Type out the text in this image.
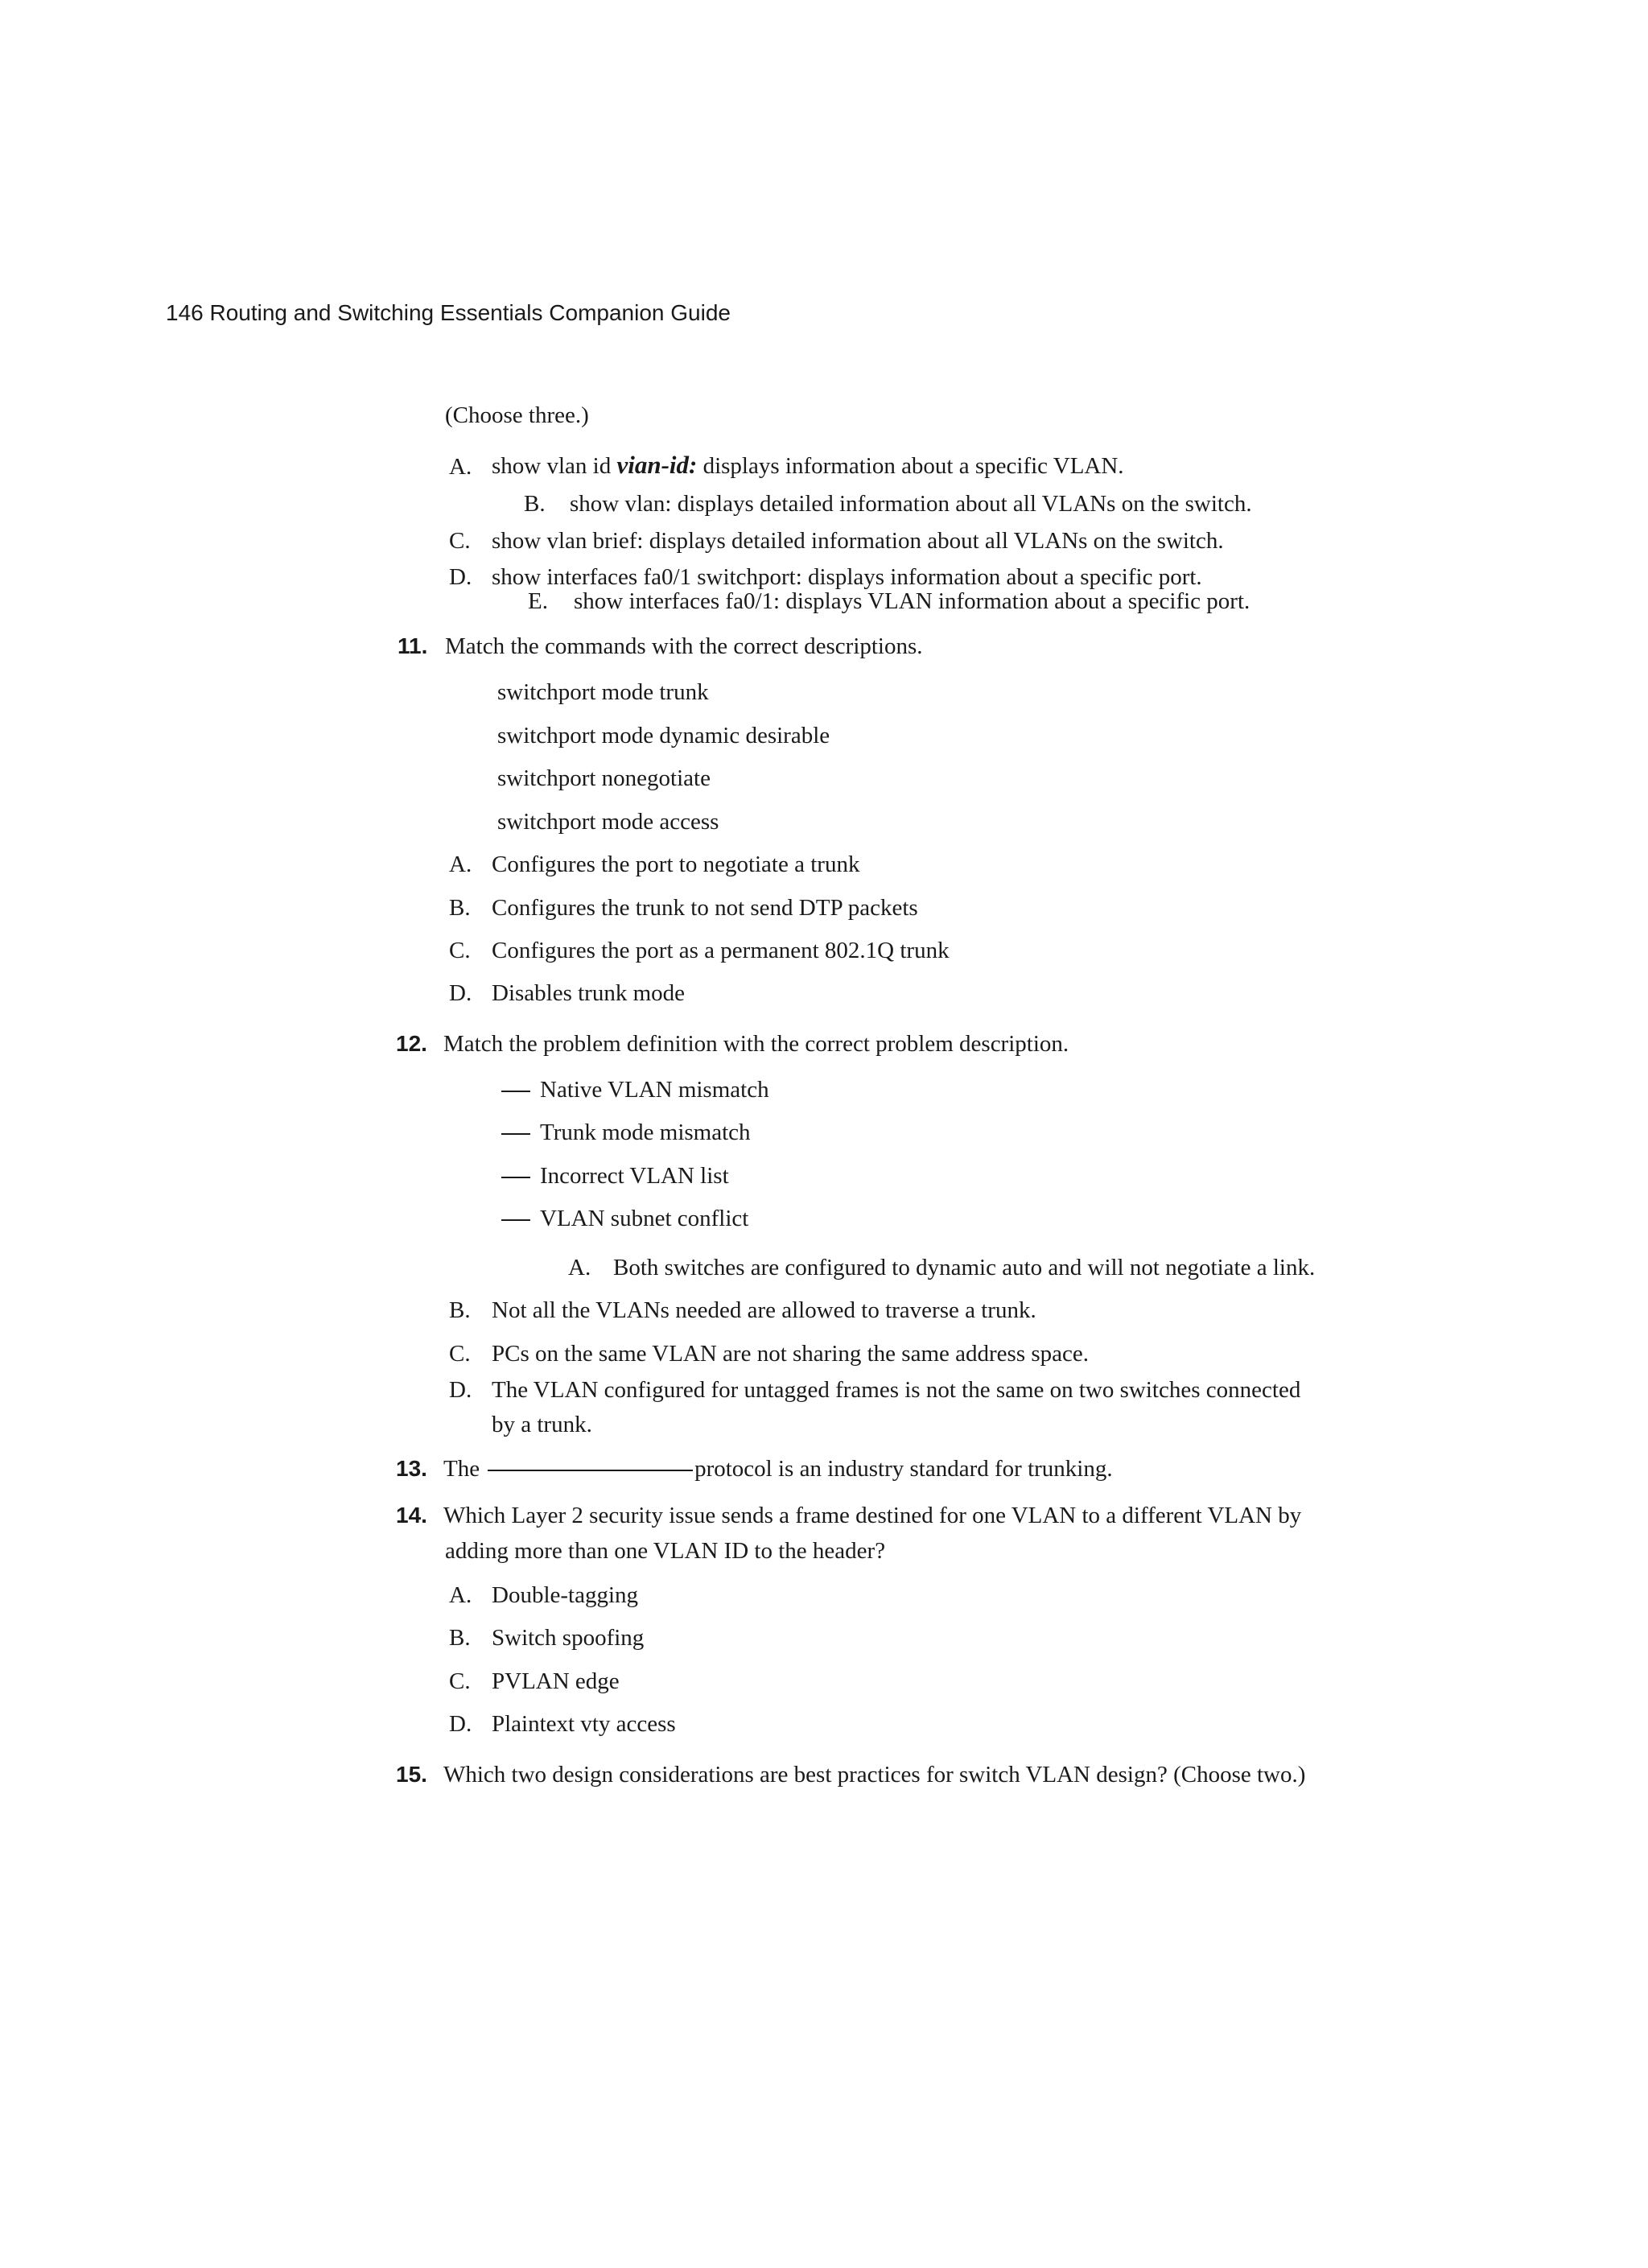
146 Routing and Switching Essentials Companion Guide
(Choose three.)
A. show vlan id vian-id: displays information about a specific VLAN.
B. show vlan: displays detailed information about all VLANs on the switch.
C. show vlan brief: displays detailed information about all VLANs on the switch.
D. show interfaces fa0/1 switchport: displays information about a specific port.
E. show interfaces fa0/1: displays VLAN information about a specific port.
11. Match the commands with the correct descriptions.
switchport mode trunk
switchport mode dynamic desirable
switchport nonegotiate
switchport mode access
A. Configures the port to negotiate a trunk
B. Configures the trunk to not send DTP packets
C. Configures the port as a permanent 802.1Q trunk
D. Disables trunk mode
12. Match the problem definition with the correct problem description.
Native VLAN mismatch
Trunk mode mismatch
Incorrect VLAN list
VLAN subnet conflict
A. Both switches are configured to dynamic auto and will not negotiate a link.
B. Not all the VLANs needed are allowed to traverse a trunk.
C. PCs on the same VLAN are not sharing the same address space.
D. The VLAN configured for untagged frames is not the same on two switches connected
by a trunk.
13. The	protocol is an industry standard for trunking.
14. Which Layer 2 security issue sends a frame destined for one VLAN to a different VLAN by
adding more than one VLAN ID to the header?
A. Double-tagging
B. Switch spoofing
C. PVLAN edge
D. Plaintext vty access
15. Which two design considerations are best practices for switch VLAN design? (Choose two.)
